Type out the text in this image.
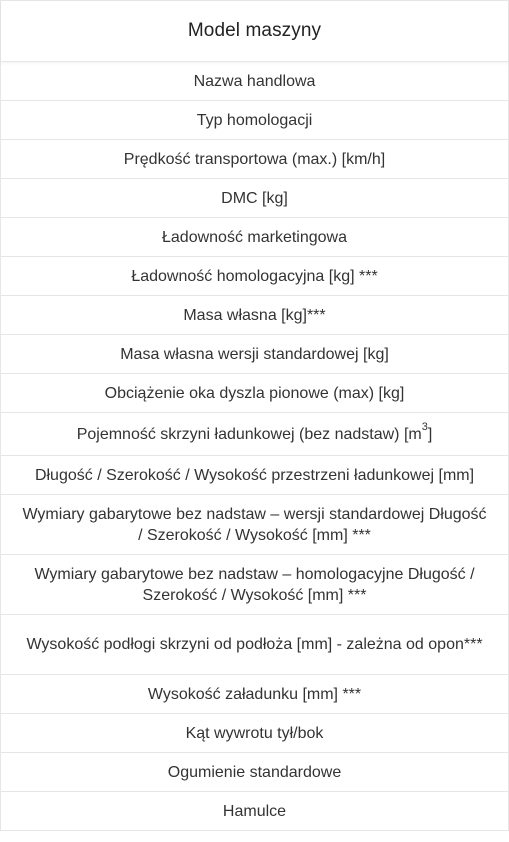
Model maszyny
Nazwa handlowa
Typ homologacji
Prędkość transportowa (max.) [km/h]
DMC [kg]
Ładowność marketingowa
Ładowność homologacyjna [kg] ***
Masa własna [kg]***
Masa własna wersji standardowej [kg]
Obciążenie oka dyszla pionowe (max) [kg]
Pojemność skrzyni ładunkowej (bez nadstaw) $[m^3]$
Długość / Szerokość / Wysokość przestrzeni ładunkowej [mm]
Wymiary gabarytowe bez nadstaw – wersji standardowej Długość / Szerokość / Wysokość [mm] ***
Wymiary gabarytowe bez nadstaw – homologacyjne Długość / Szerokość / Wysokość [mm] ***
Wysokość podłogi skrzyni od podłoża [mm] - zależna od opon***
Wysokość załadunku [mm] ***
Kąt wywrotu tył/bok
Ogumienie standardowe
Hamulce
